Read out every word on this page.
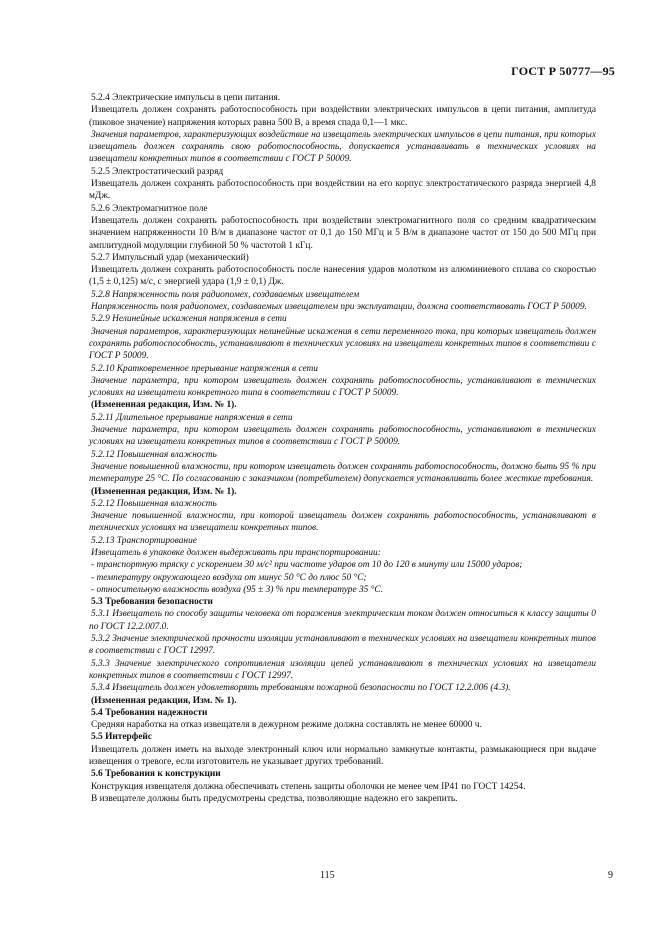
ГОСТ Р 50777—95

5.2.4 Электрические импульсы в цепи питания.

Извещатель должен сохранять работоспособность при воздействии электрических импульсов в цепи питания, амплитуда (пиковое значение) напряжения которых равна 500 В, а время спада 0,1—1 мкс.

Значения параметров, характеризующих воздействие на извещатель электрических импульсов в цепи питания, при которых извещатель должен сохранять свою работоспособность, допускается устанавливать в технических условиях на извещатели конкретных типов в соответствии с ГОСТ Р 50009.

5.2.5 Электростатический разряд

Извещатель должен сохранять работоспособность при воздействии на его корпус электростатического разряда энергией 4,8 мДж.

5.2.6 Электромагнитное поле

Извещатель должен сохранять работоспособность при воздействии электромагнитного поля со средним квадратическим значением напряженности 10 В/м в диапазоне частот от 0,1 до 150 МГц и 5 В/м в диапазоне частот от 150 до 500 МГц при амплитудной модуляции глубиной 50 % частотой 1 кГц.

5.2.7 Импульсный удар (механический)

Извещатель должен сохранять работоспособность после нанесения ударов молотком из алюминиевого сплава со скоростью (1,5 ± 0,125) м/с, с энергией удара (1,9 ± 0,1) Дж.

5.2.8 Напряженность поля радиопомех, создаваемых извещателем

Напряженность поля радиопомех, создаваемых извещателем при эксплуатации, должна соответствовать ГОСТ Р 50009.

5.2.9 Нелинейные искажения напряжения в сети

Значения параметров, характеризующих нелинейные искажения в сети переменного тока, при которых извещатель должен сохранять работоспособность, устанавливают в технических условиях на извещатели конкретных типов в соответствии с ГОСТ Р 50009.

5.2.10 Кратковременное прерывание напряжения в сети

Значение параметра, при котором извещатель должен сохранять работоспособность, устанавливают в технических условиях на извещатели конкретного типа в соответствии с ГОСТ Р 50009.

(Измененная редакция, Изм. № 1).

5.2.11 Длительное прерывание напряжения в сети

Значение параметра, при котором извещатель должен сохранять работоспособность, устанавливают в технических условиях на извещатели конкретных типов в соответствии с ГОСТ Р 50009.

5.2.12 Повышенная влажность

Значение повышенной влажности, при котором извещатель должен сохранять работоспособность, должно быть 95 % при температуре 25 °С. По согласованию с заказчиком (потребителем) допускается устанавливать более жесткие требования.

(Измененная редакция, Изм. № 1).

5.2.12 Повышенная влажность

Значение повышенной влажности, при которой извещатель должен сохранять работоспособность, устанавливают в технических условиях на извещатели конкретных типов.

5.2.13 Транспортирование

Извещатель в упаковке должен выдерживать при транспортировании:

- транспортную тряску с ускорением 30 м/с² при частоте ударов от 10 до 120 в минуту или 15000 ударов;

- температуру окружающего воздуха от минус 50 °С до плюс 50 °С;

- относительную влажность воздуха (95 ± 3) % при температуре 35 °С.

5.3 Требования безопасности

5.3.1 Извещатель по способу защиты человека от поражения электрическим током должен относиться к классу защиты 0 по ГОСТ 12.2.007.0.

5.3.2 Значение электрической прочности изоляции устанавливают в технических условиях на извещатели конкретных типов в соответствии с ГОСТ 12997.

5.3.3 Значение электрического сопротивления изоляции цепей устанавливают в технических условиях на извещатели конкретных типов в соответствии с ГОСТ 12997.

5.3.4 Извещатель должен удовлетворять требованиям пожарной безопасности по ГОСТ 12.2.006 (4.3).

(Измененная редакция, Изм. № 1).

5.4 Требования надежности

Средняя наработка на отказ извещателя в дежурном режиме должна составлять не менее 60000 ч.

5.5 Интерфейс

Извещатель должен иметь на выходе электронный ключ или нормально замкнутые контакты, размыкающиеся при выдаче извещения о тревоге, если изготовитель не указывает других требований.

5.6 Требования к конструкции

Конструкция извещателя должна обеспечивать степень защиты оболочки не менее чем IP41 по ГОСТ 14254.

В извещателе должны быть предусмотрены средства, позволяющие надежно его закрепить.

115	9
